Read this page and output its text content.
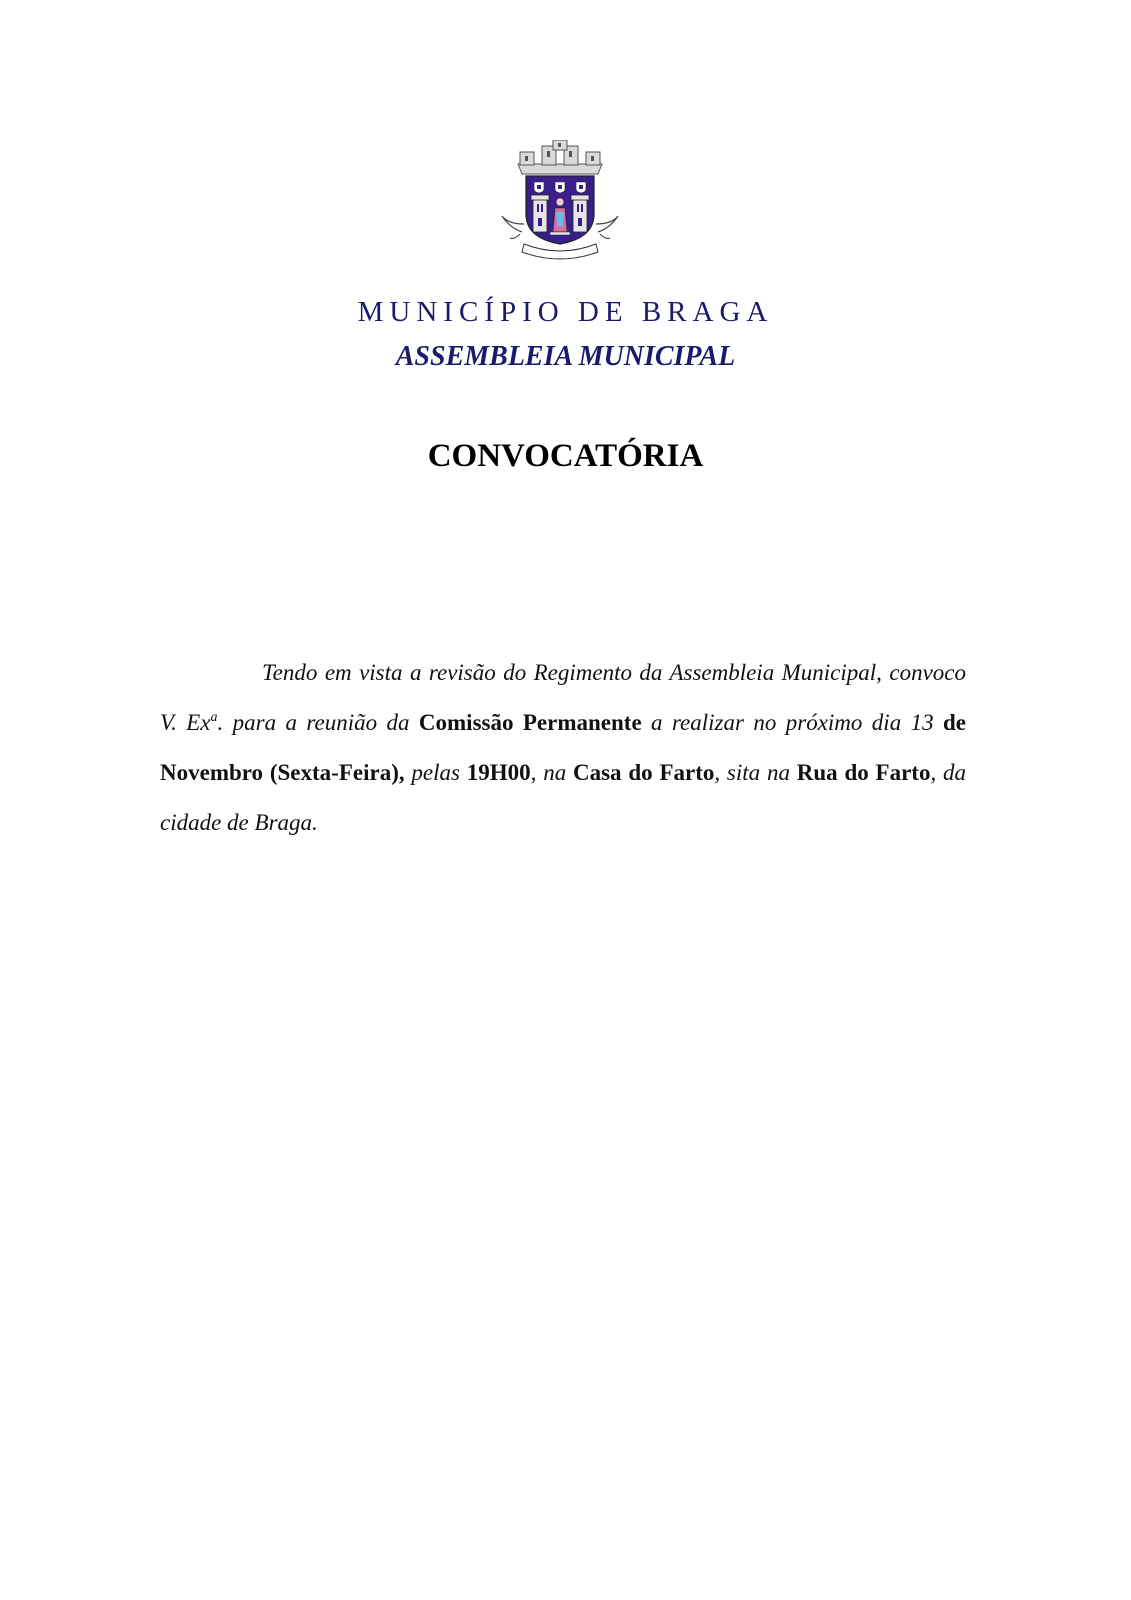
MUNICÍPIO DE BRAGA
ASSEMBLEIA MUNICIPAL
CONVOCATÓRIA
Tendo em vista a revisão do Regimento da Assembleia Municipal, convoco V. Ex$^a$. para a reunião da Comissão Permanente a realizar no próximo dia 13 de Novembro (Sexta-Feira), pelas 19H00, na Casa do Farto, sita na Rua do Farto, da cidade de Braga.
